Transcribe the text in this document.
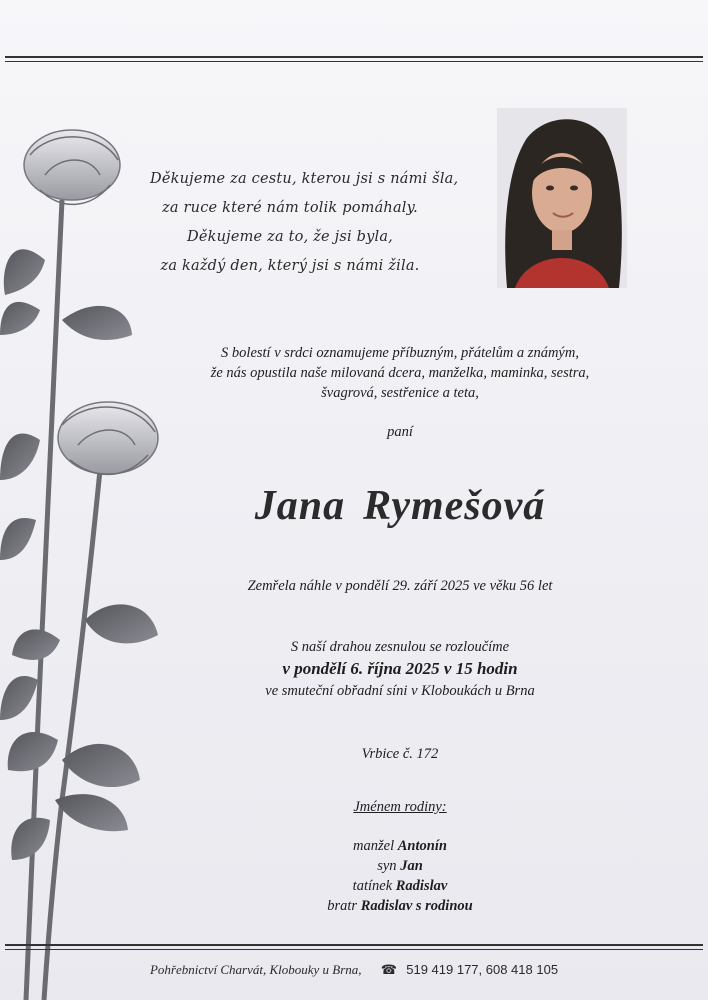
Děkujeme za cestu, kterou jsi s námi šla,
za ruce které nám tolik pomáhaly.
Děkujeme za to, že jsi byla,
za každý den, který jsi s námi žila.
S bolestí v srdci oznamujeme příbuzným, přátelům a známým,
že nás opustila naše milovaná dcera, manželka, maminka, sestra,
švagrová, sestřenice a teta,
paní
Jana Rymešová
Zemřela náhle v pondělí 29. září 2025 ve věku 56 let
S naší drahou zesnulou se rozloučíme
v pondělí 6. října 2025 v 15 hodin
ve smuteční obřadní síni v Kloboukách u Brna
Vrbice č. 172
Jménem rodiny:
manžel Antonín
syn Jan
tatínek Radislav
bratr Radislav s rodinou
Pohřebnictví Charvát, Klobouky u Brna, ☎ 519 419 177, 608 418 105
